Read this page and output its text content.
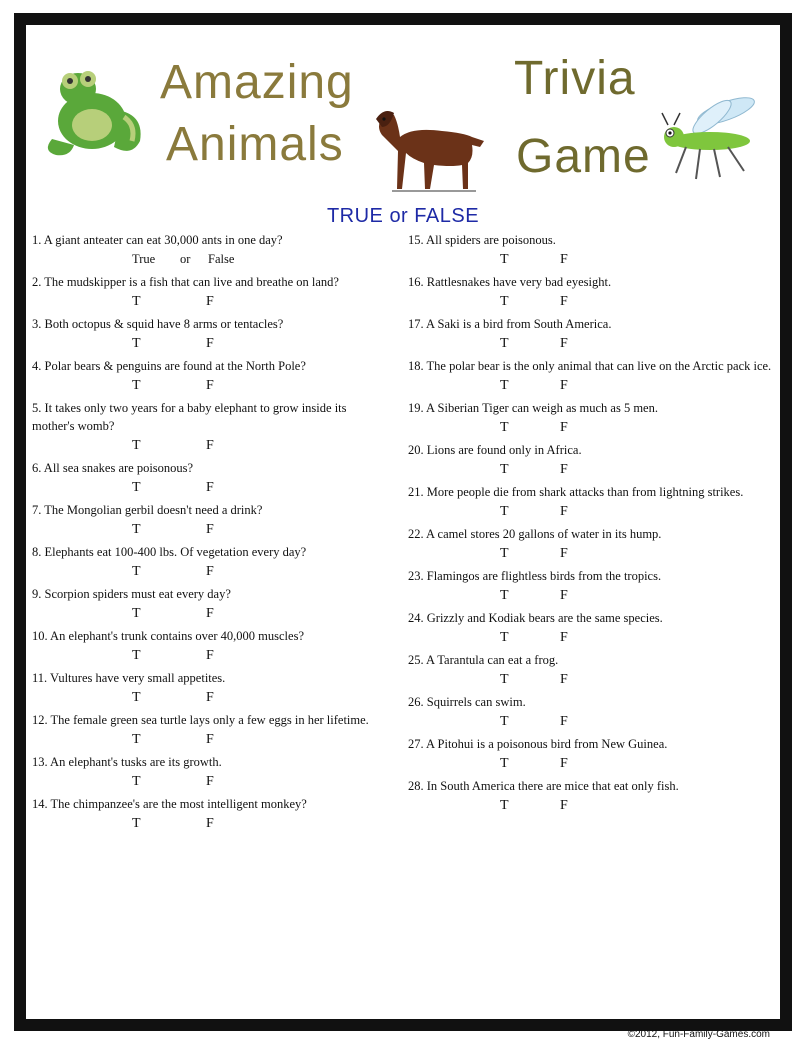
Amazing
Animals
Trivia
Game
TRUE or FALSE
1. A giant anteater can eat 30,000 ants in one day?
True or False
2. The mudskipper is a fish that can live and breathe on land?
T	F
3. Both octopus & squid have 8 arms or tentacles?
T	F
4. Polar bears & penguins are found at the North Pole?
T	F
5. It takes only two years for a baby elephant to grow inside its mother's womb?
T	F
6. All sea snakes are poisonous?
T	F
7. The Mongolian gerbil doesn't need a drink?
T	F
8. Elephants eat 100-400 lbs. Of vegetation every day?
T	F
9. Scorpion spiders must eat every day?
T	F
10. An elephant's trunk contains over 40,000 muscles?
T	F
11. Vultures have very small appetites.
T	F
12. The female green sea turtle lays only a few eggs in her lifetime.
T	F
13. An elephant's tusks are its growth.
T	F
14. The chimpanzee's are the most intelligent monkey?
T	F
15. All spiders are poisonous.
T	F
16. Rattlesnakes have very bad eyesight.
T	F
17. A Saki is a bird from South America.
T	F
18. The polar bear is the only animal that can live on the Arctic pack ice.
T	F
19. A Siberian Tiger can weigh as much as 5 men.
T	F
20. Lions are found only in Africa.
T	F
21. More people die from shark attacks than from lightning strikes.
T	F
22. A camel stores 20 gallons of water in its hump.
T	F
23. Flamingos are flightless birds from the tropics.
T	F
24. Grizzly and Kodiak bears are the same species.
T	F
25. A Tarantula can eat a frog.
T	F
26. Squirrels can swim.
T	F
27. A Pitohui is a poisonous bird from New Guinea.
T	F
28. In South America there are mice that eat only fish.
T	F
©2012, Fun-Family-Games.com
